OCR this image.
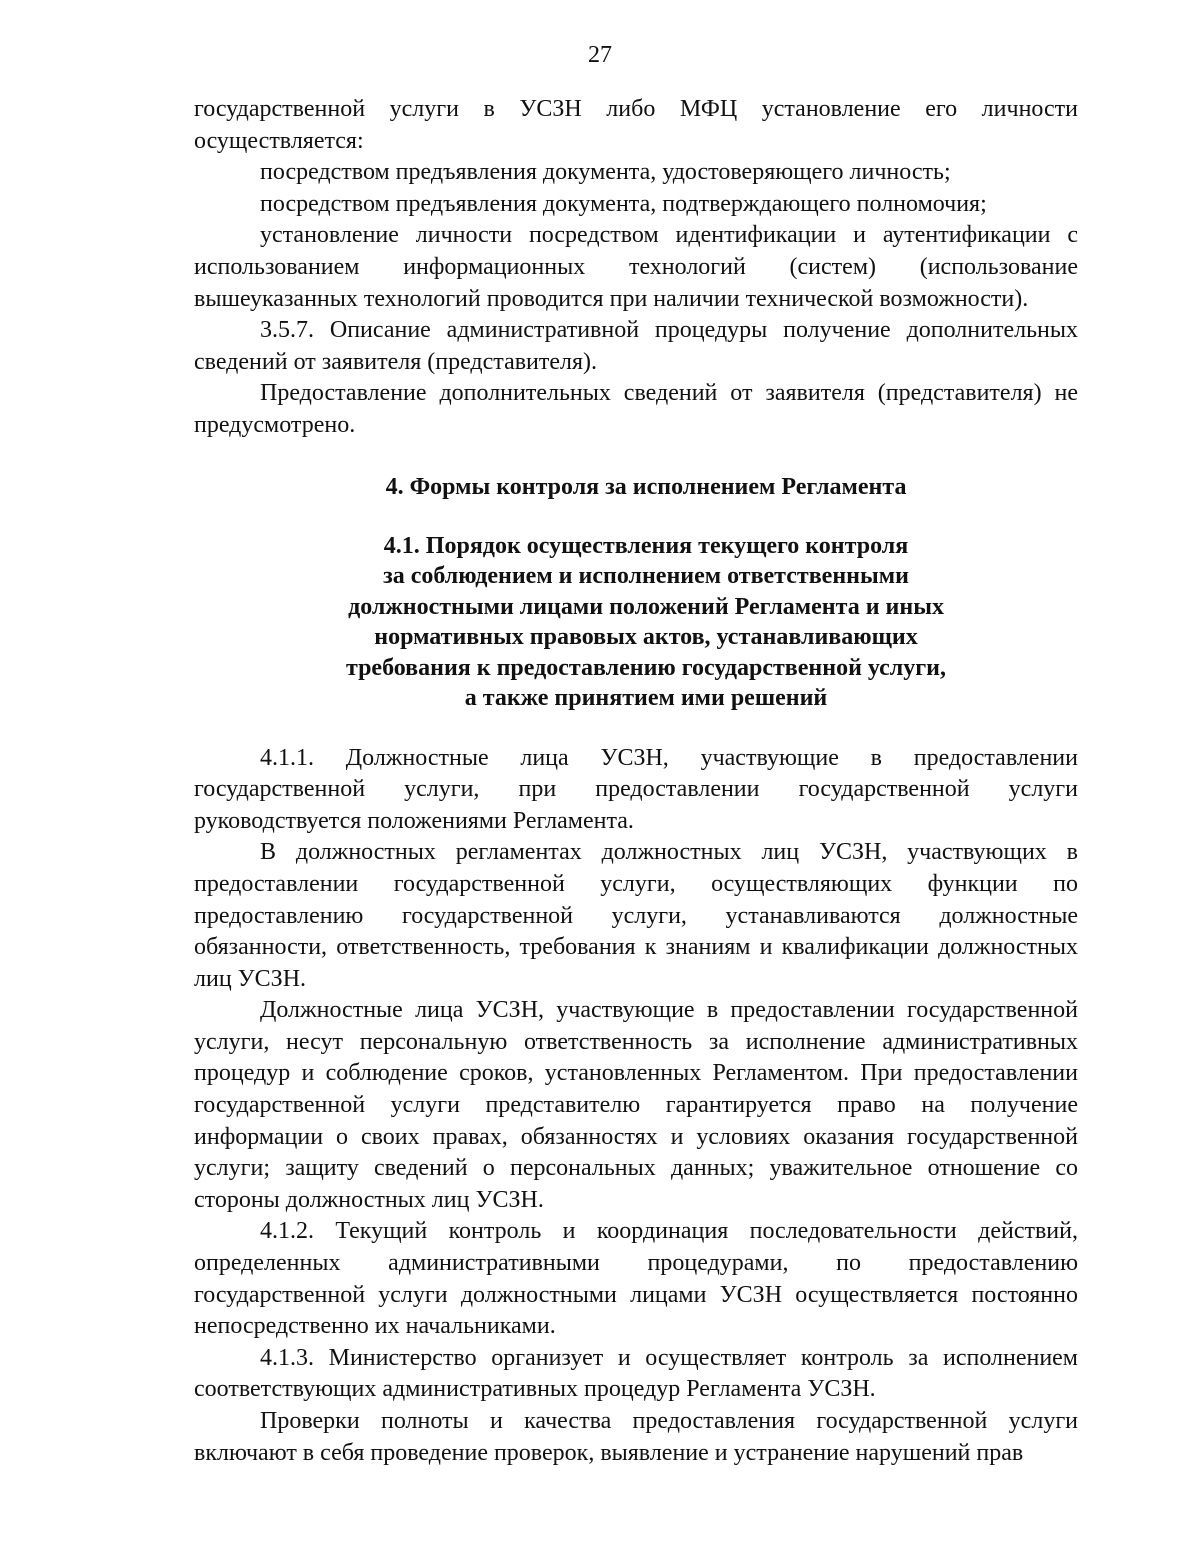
27

государственной услуги в УСЗН либо МФЦ установление его личности осуществляется:

посредством предъявления документа, удостоверяющего личность;

посредством предъявления документа, подтверждающего полномочия;

установление личности посредством идентификации и аутентификации с использованием информационных технологий (систем) (использование вышеуказанных технологий проводится при наличии технической возможности).

3.5.7. Описание административной процедуры получение дополнительных сведений от заявителя (представителя).

Предоставление дополнительных сведений от заявителя (представителя) не предусмотрено.

4. Формы контроля за исполнением Регламента
4.1. Порядок осуществления текущего контроля
за соблюдением и исполнением ответственными
должностными лицами положений Регламента и иных
нормативных правовых актов, устанавливающих
требования к предоставлению государственной услуги,
а также принятием ими решений

4.1.1. Должностные лица УСЗН, участвующие в предоставлении государственной услуги, при предоставлении государственной услуги руководствуется положениями Регламента.

В должностных регламентах должностных лиц УСЗН, участвующих в предоставлении государственной услуги, осуществляющих функции по предоставлению государственной услуги, устанавливаются должностные обязанности, ответственность, требования к знаниям и квалификации должностных лиц УСЗН.

Должностные лица УСЗН, участвующие в предоставлении государственной услуги, несут персональную ответственность за исполнение административных процедур и соблюдение сроков, установленных Регламентом. При предоставлении государственной услуги представителю гарантируется право на получение информации о своих правах, обязанностях и условиях оказания государственной услуги; защиту сведений о персональных данных; уважительное отношение со стороны должностных лиц УСЗН.

4.1.2. Текущий контроль и координация последовательности действий, определенных административными процедурами, по предоставлению государственной услуги должностными лицами УСЗН осуществляется постоянно непосредственно их начальниками.

4.1.3. Министерство организует и осуществляет контроль за исполнением соответствующих административных процедур Регламента УСЗН.

Проверки полноты и качества предоставления государственной услуги включают в себя проведение проверок, выявление и устранение нарушений прав
